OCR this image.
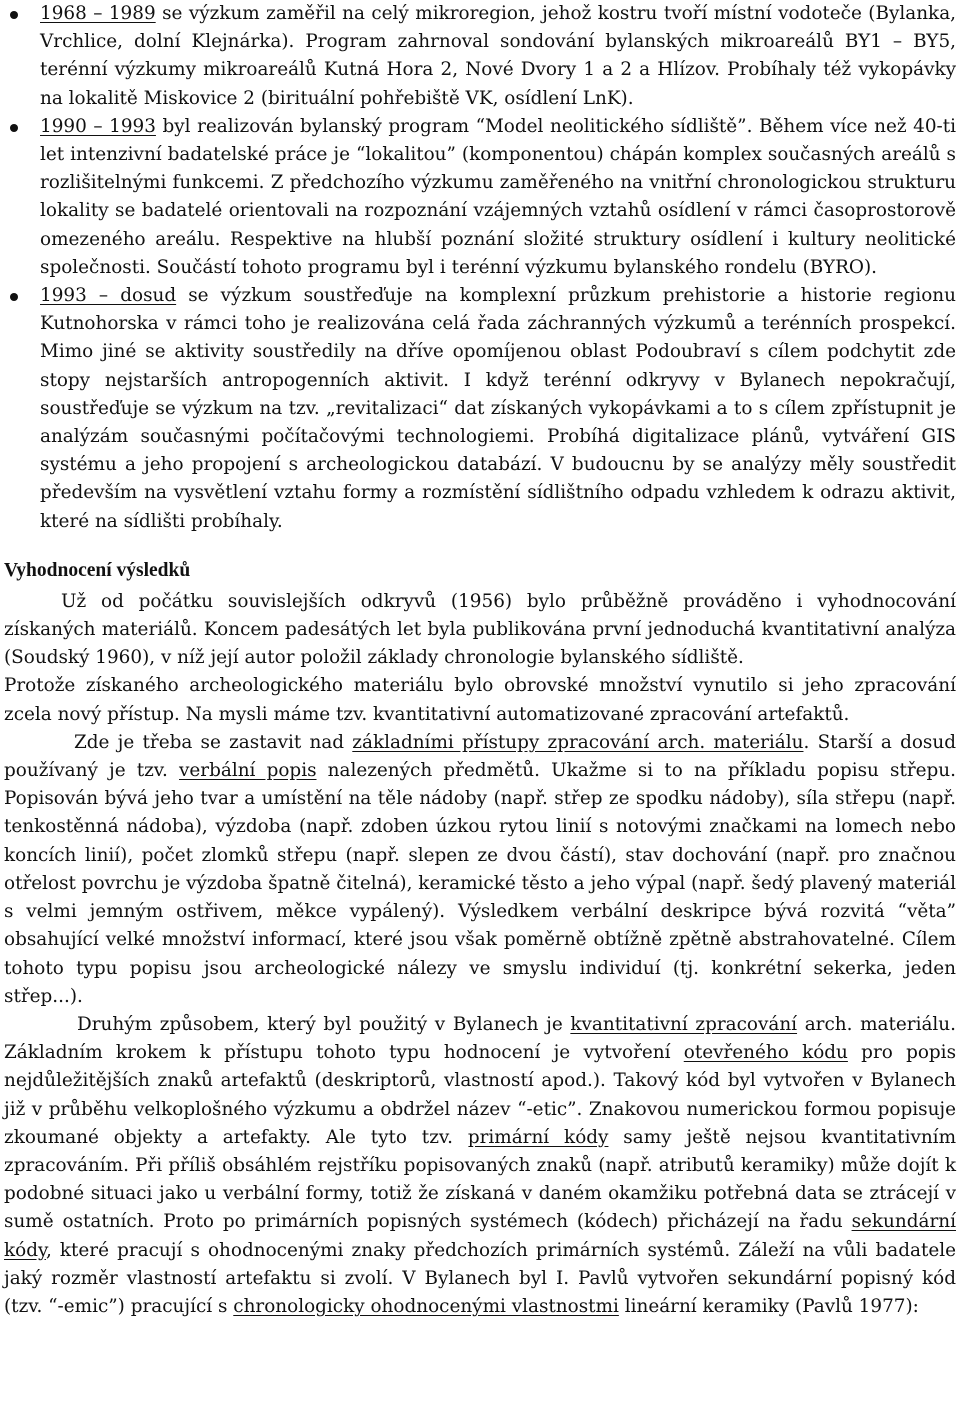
1968 – 1989 se výzkum zaměřil na celý mikroregion, jehož kostru tvoří místní vodoteče (Bylanka, Vrchlice, dolní Klejnárka). Program zahrnoval sondování bylanských mikroareálů BY1 – BY5, terénní výzkumy mikroareálů Kutná Hora 2, Nové Dvory 1 a 2 a Hlízov. Probíhaly též vykopávky na lokalitě Miskovice 2 (birituální pohřebiště VK, osídlení LnK).
1990 – 1993 byl realizován bylanský program “Model neolitického sídliště”. Během více než 40-ti let intenzivní badatelské práce je “lokalitou” (komponentou) chápán komplex současných areálů s rozlišitelnými funkcemi. Z předchozího výzkumu zaměřeného na vnitřní chronologickou strukturu lokality se badatelé orientovali na rozpoznání vzájemných vztahů osídlení v rámci časoprostorově omezeného areálu. Respektive na hlubší poznání složité struktury osídlení i kultury neolitické společnosti. Součástí tohoto programu byl i terénní výzkumu bylanského rondelu (BYRO).
1993 – dosud se výzkum soustřeďuje na komplexní průzkum prehistorie a historie regionu Kutnohorska v rámci toho je realizována celá řada záchranných výzkumů a terénních prospekcí. Mimo jiné se aktivity soustředily na dříve opomíjenou oblast Podoubraví s cílem podchytit zde stopy nejstarších antropogenních aktivit. I když terénní odkryvy v Bylanech nepokračují, soustřeďuje se výzkum na tzv. „revitalizaci“ dat získaných vykopávkami a to s cílem zpřístupnit je analýzám současnými počítačovými technologiemi. Probíhá digitalizace plánů, vytváření GIS systému a jeho propojení s archeologickou databází. V budoucnu by se analýzy měly soustředit především na vysvětlení vztahu formy a rozmístění sídlištního odpadu vzhledem k odrazu aktivit, které na sídlišti probíhaly.
Vyhodnocení výsledků

Už od počátku souvislejších odkryvů (1956) bylo průběžně prováděno i vyhodnocování získaných materiálů. Koncem padesátých let byla publikována první jednoduchá kvantitativní analýza (Soudský 1960), v níž její autor položil základy chronologie bylanského sídliště.

Protože získaného archeologického materiálu bylo obrovské množství vynutilo si jeho zpracování zcela nový přístup. Na mysli máme tzv. kvantitativní automatizované zpracování artefaktů.

Zde je třeba se zastavit nad základními přístupy zpracování arch. materiálu. Starší a dosud používaný je tzv. verbální popis nalezených předmětů. Ukažme si to na příkladu popisu střepu. Popisován bývá jeho tvar a umístění na těle nádoby (např. střep ze spodku nádoby), síla střepu (např. tenkostěnná nádoba), výzdoba (např. zdoben úzkou rytou linií s notovými značkami na lomech nebo koncích linií), počet zlomků střepu (např. slepen ze dvou částí), stav dochování (např. pro značnou otřelost povrchu je výzdoba špatně čitelná), keramické těsto a jeho výpal (např. šedý plavený materiál s velmi jemným ostřivem, měkce vypálený). Výsledkem verbální deskripce bývá rozvitá “věta” obsahující velké množství informací, které jsou však poměrně obtížně zpětně abstrahovatelné. Cílem tohoto typu popisu jsou archeologické nálezy ve smyslu individuí (tj. konkrétní sekerka, jeden střep...).

Druhým způsobem, který byl použitý v Bylanech je kvantitativní zpracování arch. materiálu. Základním krokem k přístupu tohoto typu hodnocení je vytvoření otevřeného kódu pro popis nejdůležitějších znaků artefaktů (deskriptorů, vlastností apod.). Takový kód byl vytvořen v Bylanech již v průběhu velkoplošného výzkumu a obdržel název “-etic”. Znakovou numerickou formou popisuje zkoumané objekty a artefakty. Ale tyto tzv. primární kódy samy ještě nejsou kvantitativním zpracováním. Při příliš obsáhlém rejstříku popisovaných znaků (např. atributů keramiky) může dojít k podobné situaci jako u verbální formy, totiž že získaná v daném okamžiku potřebná data se ztrácejí v sumě ostatních. Proto po primárních popisných systémech (kódech) přicházejí na řadu sekundární kódy, které pracují s ohodnocenými znaky předchozích primárních systémů. Záleží na vůli badatele jaký rozměr vlastností artefaktu si zvolí. V Bylanech byl I. Pavlů vytvořen sekundární popisný kód (tzv. “-emic”) pracující s chronologicky ohodnocenými vlastnostmi lineární keramiky (Pavlů 1977):
